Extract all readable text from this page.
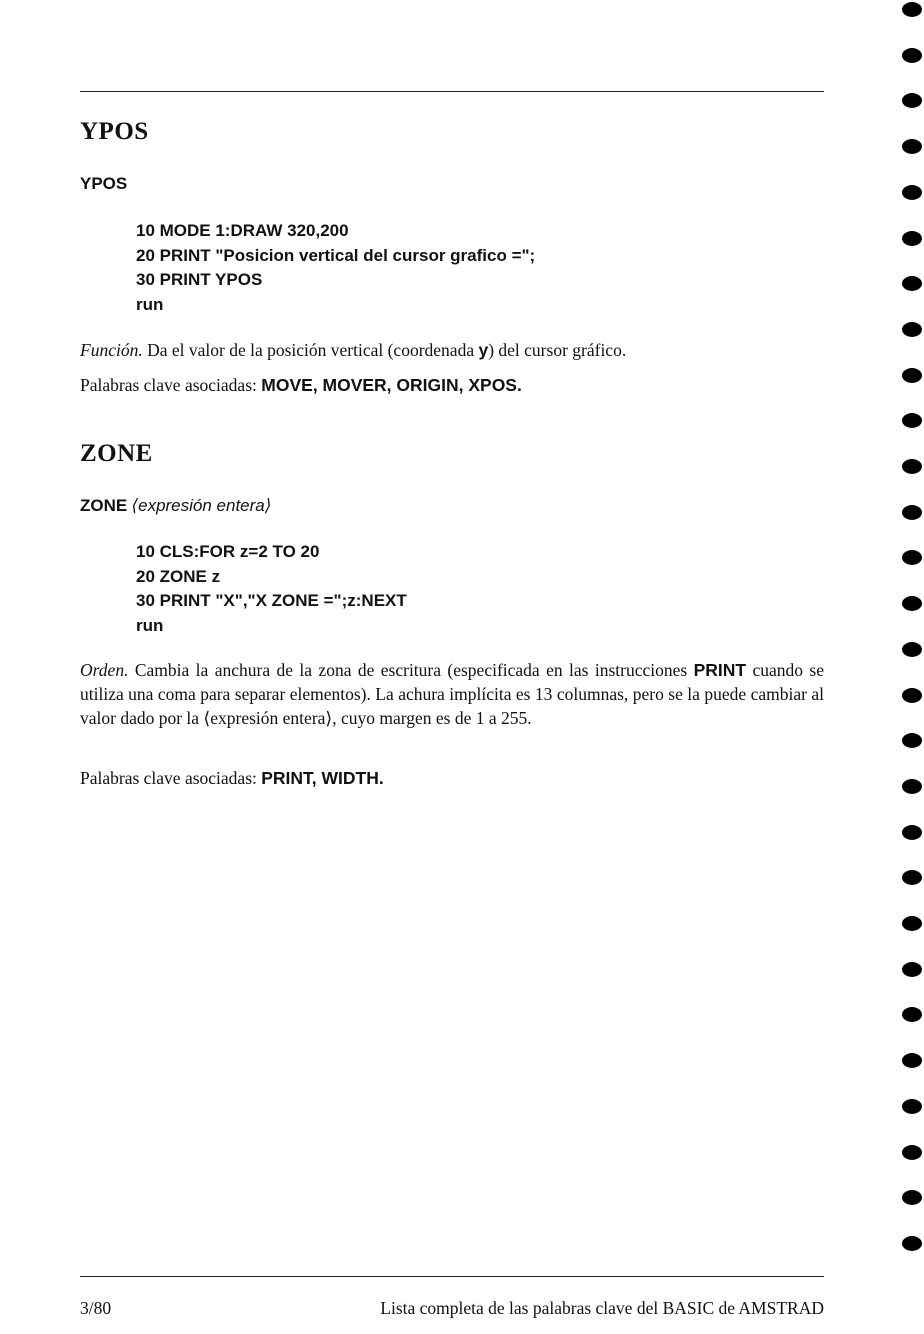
YPOS
YPOS
10 MODE 1:DRAW 320,200
20 PRINT "Posicion vertical del cursor grafico =";
30 PRINT YPOS
run
Función. Da el valor de la posición vertical (coordenada y) del cursor gráfico.
Palabras clave asociadas: MOVE, MOVER, ORIGIN, XPOS.
ZONE
ZONE ⟨expresión entera⟩
10 CLS:FOR z=2 TO 20
20 ZONE z
30 PRINT "X","X ZONE =";z:NEXT
run
Orden. Cambia la anchura de la zona de escritura (especificada en las instrucciones PRINT cuando se utiliza una coma para separar elementos). La achura implícita es 13 columnas, pero se la puede cambiar al valor dado por la ⟨expresión entera⟩, cuyo margen es de 1 a 255.
Palabras clave asociadas: PRINT, WIDTH.
3/80	Lista completa de las palabras clave del BASIC de AMSTRAD
